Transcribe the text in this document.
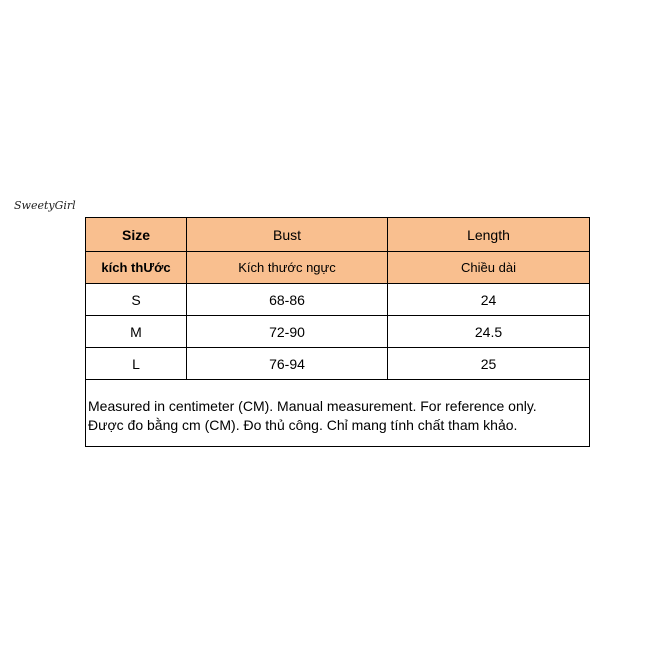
SweetyGirl
Size	Bust	Length
kích thƯớc	Kích thước ngực	Chiều dài
S	68-86	24
M	72-90	24.5
L	76-94	25
Measured in centimeter (CM). Manual measurement. For reference only.
Được đo bằng cm (CM). Đo thủ công. Chỉ mang tính chất tham khảo.
